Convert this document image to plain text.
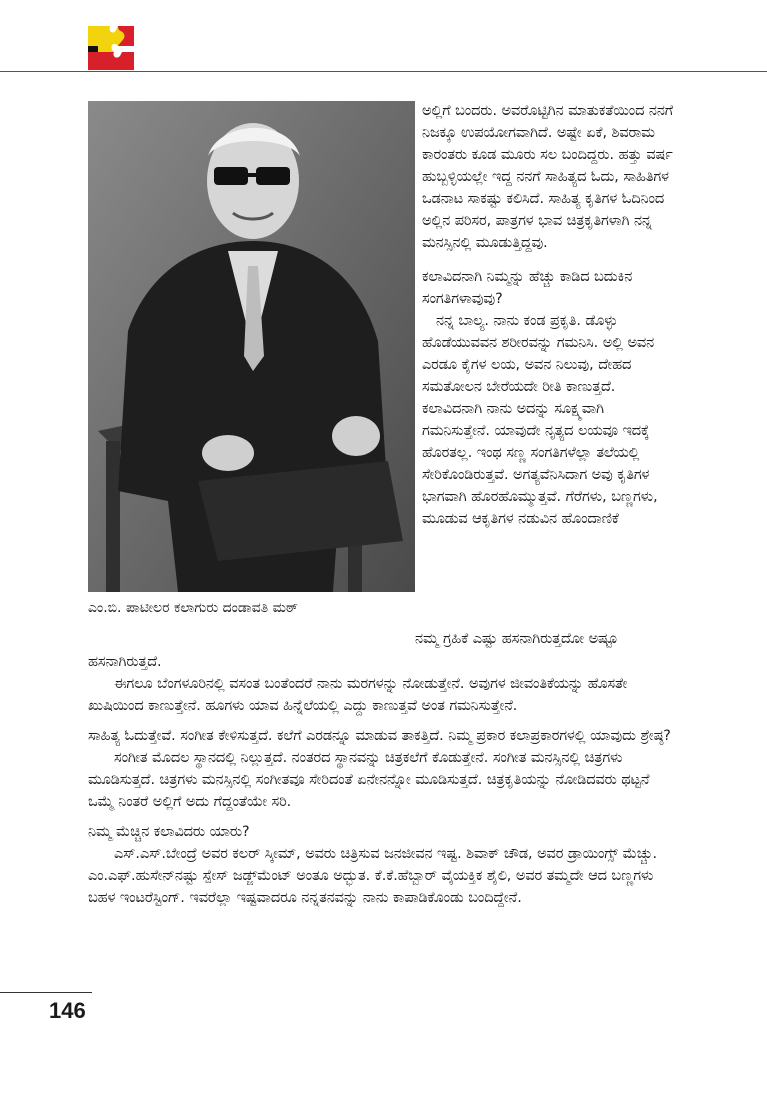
ಎಂ.ಬಿ. ಪಾಟೀಲರ ಕಲಾಗುರು ದಂಡಾವತಿ ಮಠ್

ಅಲ್ಲಿಗೆ ಬಂದರು. ಅವರೊಟ್ಟಿಗಿನ ಮಾತುಕತೆಯಿಂದ ನನಗೆ ನಿಜಕ್ಕೂ ಉಪಯೋಗವಾಗಿದೆ. ಅಷ್ಟೇ ಏಕೆ, ಶಿವರಾಮ ಕಾರಂತರು ಕೂಡ ಮೂರು ಸಲ ಬಂದಿದ್ದರು. ಹತ್ತು ವರ್ಷ ಹುಬ್ಬಳ್ಳಿಯಲ್ಲೇ ಇದ್ದ ನನಗೆ ಸಾಹಿತ್ಯದ ಓದು, ಸಾಹಿತಿಗಳ ಒಡನಾಟ ಸಾಕಷ್ಟು ಕಲಿಸಿದೆ. ಸಾಹಿತ್ಯ ಕೃತಿಗಳ ಓದಿನಿಂದ ಅಲ್ಲಿನ ಪರಿಸರ, ಪಾತ್ರಗಳ ಭಾವ ಚಿತ್ರಕೃತಿಗಳಾಗಿ ನನ್ನ ಮನಸ್ಸಿನಲ್ಲಿ ಮೂಡುತ್ತಿದ್ದವು.

ಕಲಾವಿದನಾಗಿ ನಿಮ್ಮನ್ನು ಹೆಚ್ಚು ಕಾಡಿದ ಬದುಕಿನ ಸಂಗತಿಗಳಾವುವು?

ನನ್ನ ಬಾಲ್ಯ. ನಾನು ಕಂಡ ಪ್ರಕೃತಿ. ಡೊಳ್ಳು ಹೊಡೆಯುವವನ ಶರೀರವನ್ನು ಗಮನಿಸಿ. ಅಲ್ಲಿ ಅವನ ಎರಡೂ ಕೈಗಳ ಲಯ, ಅವನ ನಿಲುವು, ದೇಹದ ಸಮತೋಲನ ಬೇರೆಯದೇ ರೀತಿ ಕಾಣುತ್ತದೆ. ಕಲಾವಿದನಾಗಿ ನಾನು ಅದನ್ನು ಸೂಕ್ಷ್ಮವಾಗಿ ಗಮನಿಸುತ್ತೇನೆ. ಯಾವುದೇ ನೃತ್ಯದ ಲಯವೂ ಇದಕ್ಕೆ ಹೊರತಲ್ಲ. ಇಂಥ ಸಣ್ಣ ಸಂಗತಿಗಳೆಲ್ಲಾ ತಲೆಯಲ್ಲಿ ಸೇರಿಕೊಂಡಿರುತ್ತವೆ. ಅಗತ್ಯವೆನಿಸಿದಾಗ ಅವು ಕೃತಿಗಳ ಭಾಗವಾಗಿ ಹೊರಹೊಮ್ಮುತ್ತವೆ. ಗೆರೆಗಳು, ಬಣ್ಣಗಳು, ಮೂಡುವ ಆಕೃತಿಗಳ ನಡುವಿನ ಹೊಂದಾಣಿಕೆ

ನಮ್ಮ ಗ್ರಹಿಕೆ ಎಷ್ಟು ಹಸನಾಗಿರುತ್ತದೋ ಅಷ್ಟೂ

ಹಸನಾಗಿರುತ್ತದೆ.

ಈಗಲೂ ಬೆಂಗಳೂರಿನಲ್ಲಿ ವಸಂತ ಬಂತೆಂದರೆ ನಾನು ಮರಗಳನ್ನು ನೋಡುತ್ತೇನೆ. ಅವುಗಳ ಜೀವಂತಿಕೆಯನ್ನು ಹೊಸತೇ ಖುಷಿಯಿಂದ ಕಾಣುತ್ತೇನೆ. ಹೂಗಳು ಯಾವ ಹಿನ್ನೆಲೆಯಲ್ಲಿ ಎದ್ದು ಕಾಣುತ್ತವೆ ಅಂತ ಗಮನಿಸುತ್ತೇನೆ.

ಸಾಹಿತ್ಯ ಓದುತ್ತೇವೆ. ಸಂಗೀತ ಕೇಳಿಸುತ್ತದೆ. ಕಲೆಗೆ ಎರಡನ್ನೂ ಮಾಡುವ ತಾಕತ್ತಿದೆ. ನಿಮ್ಮ ಪ್ರಕಾರ ಕಲಾಪ್ರಕಾರಗಳಲ್ಲಿ ಯಾವುದು ಶ್ರೇಷ್ಠ?

ಸಂಗೀತ ಮೊದಲ ಸ್ಥಾನದಲ್ಲಿ ನಿಲ್ಲುತ್ತದೆ. ನಂತರದ ಸ್ಥಾನವನ್ನು ಚಿತ್ರಕಲೆಗೆ ಕೊಡುತ್ತೇನೆ. ಸಂಗೀತ ಮನಸ್ಸಿನಲ್ಲಿ ಚಿತ್ರಗಳು ಮೂಡಿಸುತ್ತದೆ. ಚಿತ್ರಗಳು ಮನಸ್ಸಿನಲ್ಲಿ ಸಂಗೀತವೂ ಸೇರಿದಂತೆ ಏನೇನನ್ನೋ ಮೂಡಿಸುತ್ತದೆ. ಚಿತ್ರಕೃತಿಯನ್ನು ನೋಡಿದವರು ಥಟ್ಟನೆ ಒಮ್ಮೆ ನಿಂತರೆ ಅಲ್ಲಿಗೆ ಅದು ಗೆದ್ದಂತೆಯೇ ಸರಿ.

ನಿಮ್ಮ ಮೆಚ್ಚಿನ ಕಲಾವಿದರು ಯಾರು?

ಎಸ್.ಎಸ್.ಬೇಂದ್ರೆ ಅವರ ಕಲರ್ ಸ್ಕೀಮ್, ಅವರು ಚಿತ್ರಿಸುವ ಜನಜೀವನ ಇಷ್ಟ. ಶಿವಾಕ್ ಚೌಡ, ಅವರ ಡ್ರಾಯಿಂಗ್ಸ್ ಮೆಚ್ಚು. ಎಂ.ಎಫ್.ಹುಸೇನ್‌ನಷ್ಟು ಸ್ಪೇಸ್ ಜಡ್ಜ್‌ಮೆಂಟ್ ಅಂತೂ ಅದ್ಭುತ. ಕೆ.ಕೆ.ಹೆಬ್ಬಾರ್ ವೈಯಕ್ತಿಕ ಶೈಲಿ, ಅವರ ತಮ್ಮದೇ ಆದ ಬಣ್ಣಗಳು ಬಹಳ ಇಂಟರೆಸ್ಟಿಂಗ್. ಇವರೆಲ್ಲಾ ಇಷ್ಟವಾದರೂ ನನ್ನತನವನ್ನು ನಾನು ಕಾಪಾಡಿಕೊಂಡು ಬಂದಿದ್ದೇನೆ.

146
